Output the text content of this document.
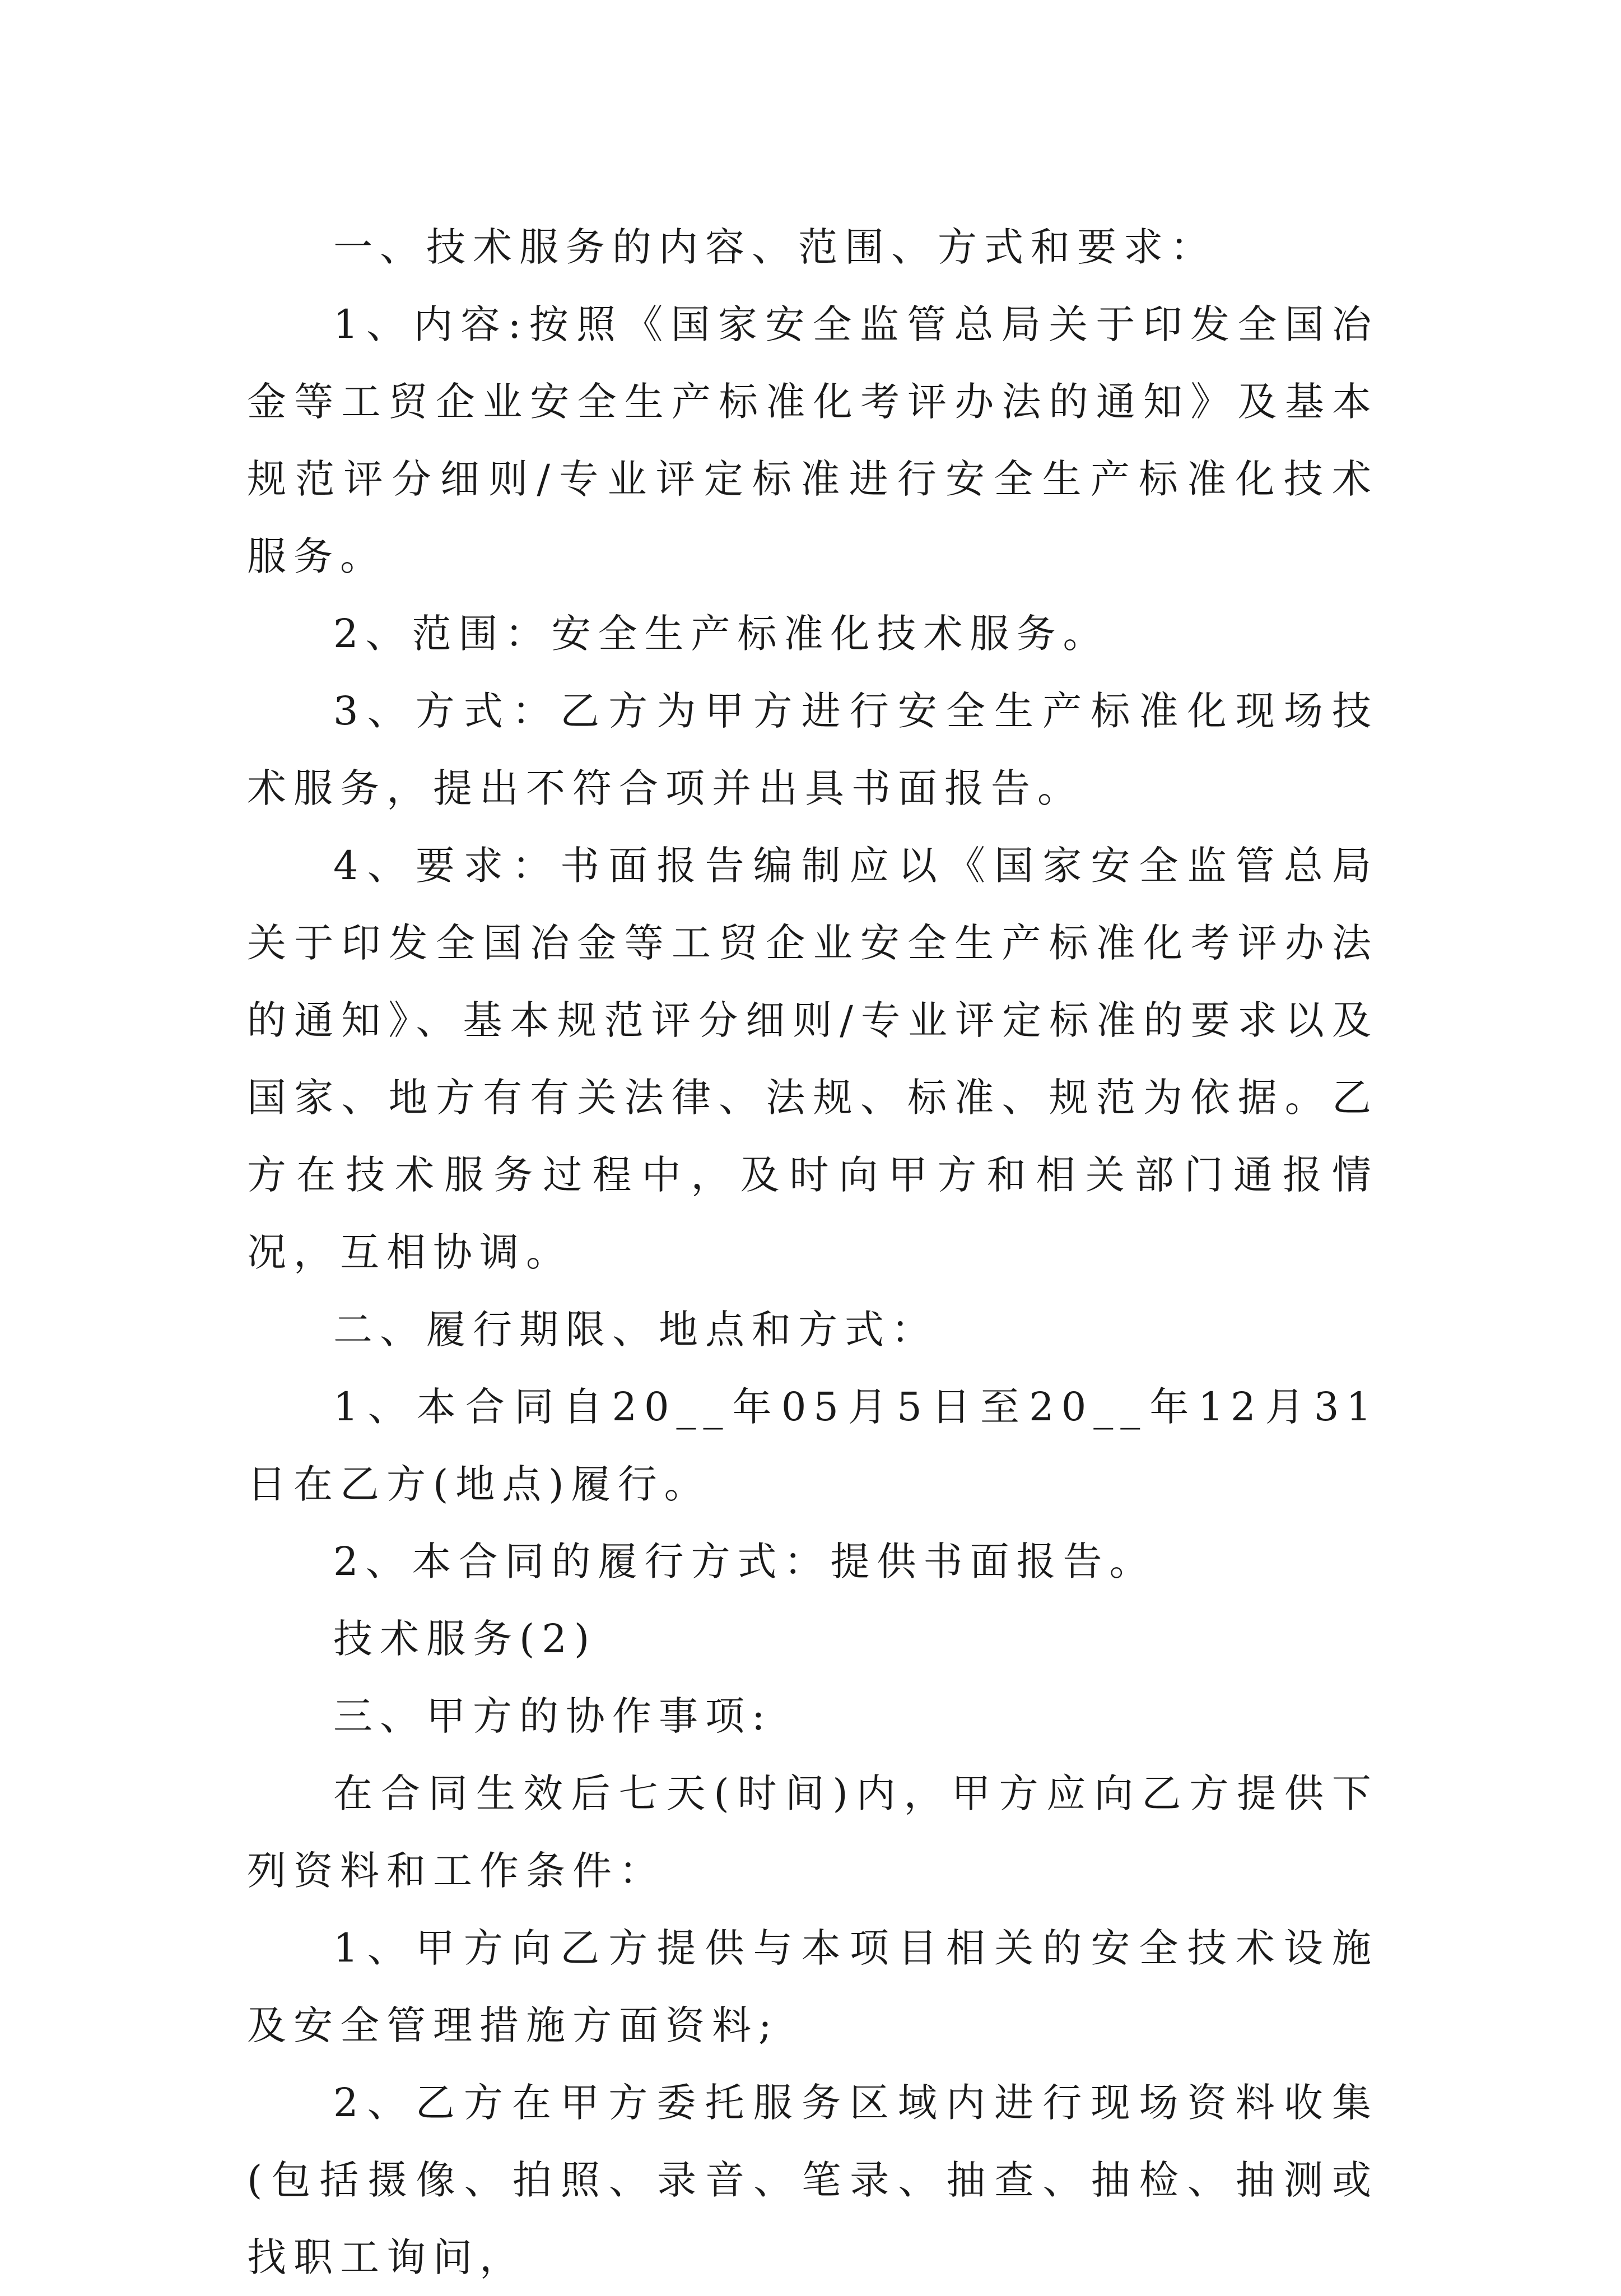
一、技术服务的内容、范围、方式和要求：

1、内容:按照《国家安全监管总局关于印发全国冶金等工贸企业安全生产标准化考评办法的通知》及基本规范评分细则/专业评定标准进行安全生产标准化技术服务。

2、范围：安全生产标准化技术服务。

3、方式：乙方为甲方进行安全生产标准化现场技术服务，提出不符合项并出具书面报告。

4、要求：书面报告编制应以《国家安全监管总局关于印发全国冶金等工贸企业安全生产标准化考评办法的通知》、基本规范评分细则/专业评定标准的要求以及国家、地方有有关法律、法规、标准、规范为依据。乙方在技术服务过程中，及时向甲方和相关部门通报情况，互相协调。

二、履行期限、地点和方式：

1、本合同自20__年05月5日至20__年12月31日在乙方(地点)履行。

2、本合同的履行方式：提供书面报告。

技术服务(2)

三、甲方的协作事项:

在合同生效后七天(时间)内，甲方应向乙方提供下列资料和工作条件：

1、甲方向乙方提供与本项目相关的安全技术设施及安全管理措施方面资料;

2、乙方在甲方委托服务区域内进行现场资料收集(包括摄像、拍照、录音、笔录、抽查、抽检、抽测或找职工询问，
